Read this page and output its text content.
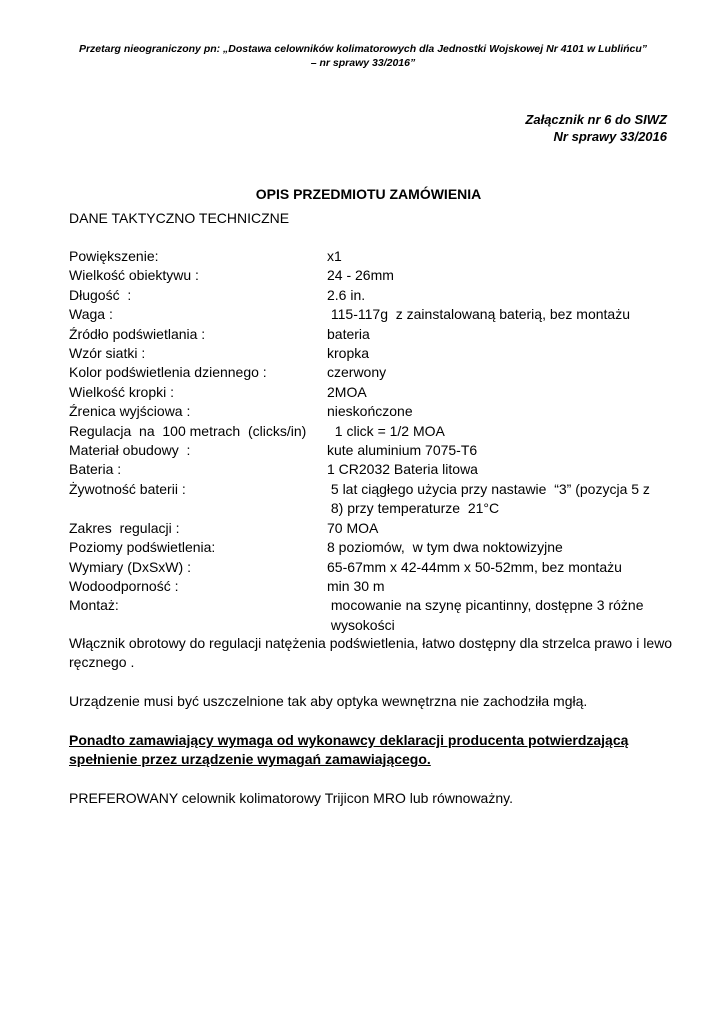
Przetarg nieograniczony pn: „Dostawa celowników kolimatorowych dla Jednostki Wojskowej Nr 4101 w Lublińcu”
– nr sprawy 33/2016”
Załącznik nr 6 do SIWZ
Nr sprawy 33/2016
OPIS PRZEDMIOTU ZAMÓWIENIA
DANE TAKTYCZNO TECHNICZNE
Powiększenie:	x1
Wielkość obiektywu :	24 - 26mm
Długość  :	2.6 in.
Waga :	115-117g  z zainstalowaną baterią, bez montażu
Źródło podświetlania :	bateria
Wzór siatki :	kropka
Kolor podświetlenia dziennego :	czerwony
Wielkość kropki :	2MOA
Źrenica wyjściowa :	nieskończone
Regulacja  na  100 metrach  (clicks/in)	1 click = 1/2 MOA
Materiał obudowy  :	kute aluminium 7075-T6
Bateria :	1 CR2032 Bateria litowa
Żywotność baterii :	5 lat ciągłego użycia przy nastawie  “3” (pozycja 5 z
8) przy temperaturze  21°C
Zakres  regulacji :	70 MOA
Poziomy podświetlenia:	8 poziomów,  w tym dwa noktowizyjne
Wymiary (DxSxW) :	65-67mm x 42-44mm x 50-52mm, bez montażu
Wodoodporność :	min 30 m
Montaż:	mocowanie na szynę picantinny, dostępne 3 różne
wysokości
Włącznik obrotowy do regulacji natężenia podświetlenia, łatwo dostępny dla strzelca prawo i lewo ręcznego .
Urządzenie musi być uszczelnione tak aby optyka wewnętrzna nie zachodziła mgłą.
Ponadto zamawiający wymaga od wykonawcy deklaracji producenta potwierdzającą spełnienie przez urządzenie wymagań zamawiającego.
PREFEROWANY celownik kolimatorowy Trijicon MRO lub równoważny.
